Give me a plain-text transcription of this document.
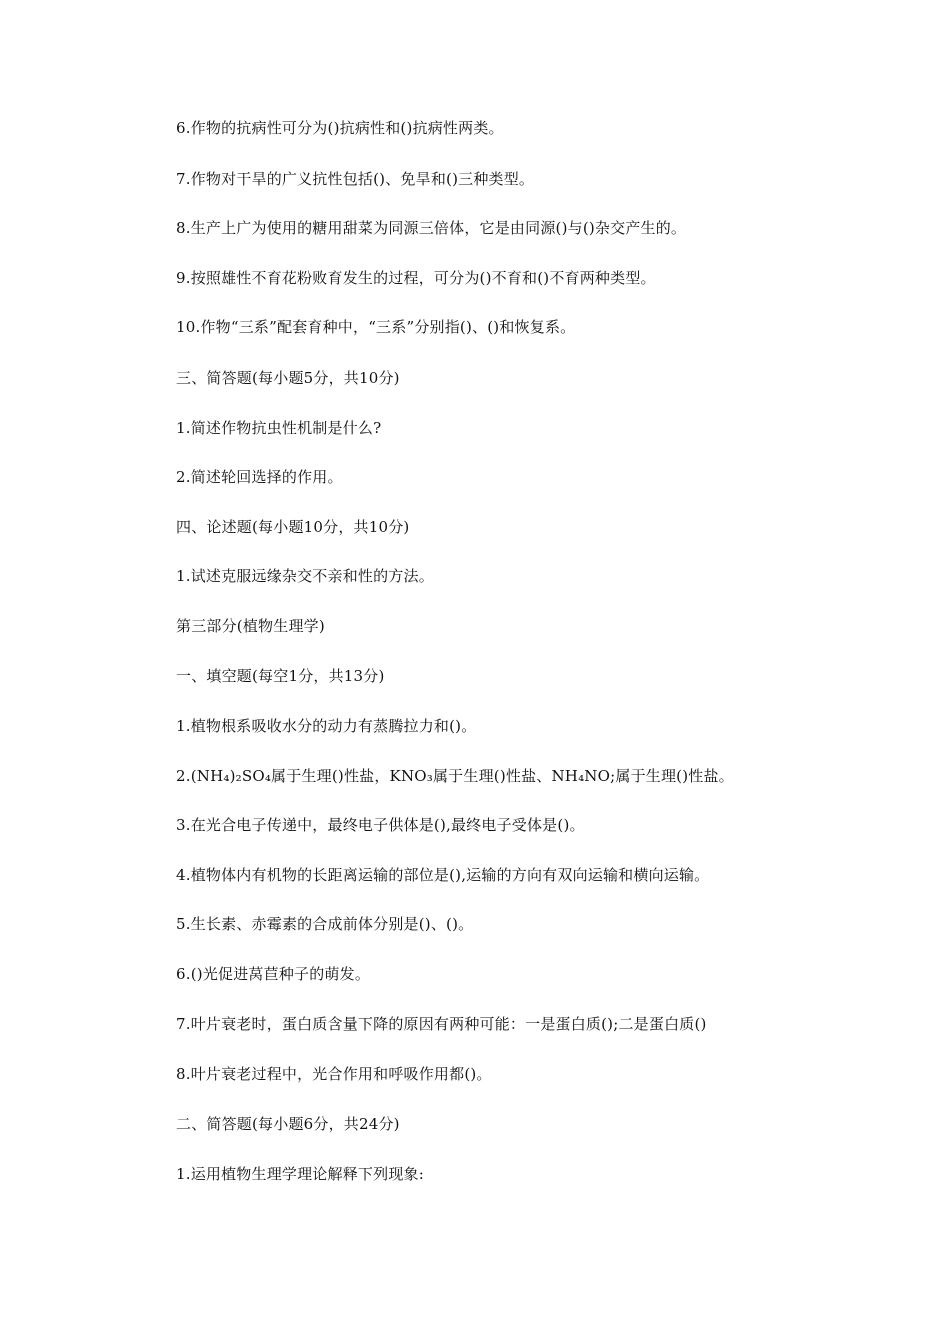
6.作物的抗病性可分为()抗病性和()抗病性两类。
7.作物对干旱的广义抗性包括()、免旱和()三种类型。
8.生产上广为使用的糖用甜菜为同源三倍体，它是由同源()与()杂交产生的。
9.按照雄性不育花粉败育发生的过程，可分为()不育和()不育两种类型。
10.作物“三系”配套育种中，“三系”分别指()、()和恢复系。
三、简答题(每小题5分，共10分)
1.简述作物抗虫性机制是什么?
2.简述轮回选择的作用。
四、论述题(每小题10分，共10分)
1.试述克服远缘杂交不亲和性的方法。
第三部分(植物生理学)
一、填空题(每空1分，共13分)
1.植物根系吸收水分的动力有蒸腾拉力和()。
2.(NH₄)₂SO₄属于生理()性盐，KNO₃属于生理()性盐、NH₄NO;属于生理()性盐。
3.在光合电子传递中，最终电子供体是(),最终电子受体是()。
4.植物体内有机物的长距离运输的部位是(),运输的方向有双向运输和横向运输。
5.生长素、赤霉素的合成前体分别是()、()。
6.()光促进莴苣种子的萌发。
7.叶片衰老时，蛋白质含量下降的原因有两种可能：一是蛋白质();二是蛋白质()
8.叶片衰老过程中，光合作用和呼吸作用都()。
二、简答题(每小题6分，共24分)
1.运用植物生理学理论解释下列现象:
